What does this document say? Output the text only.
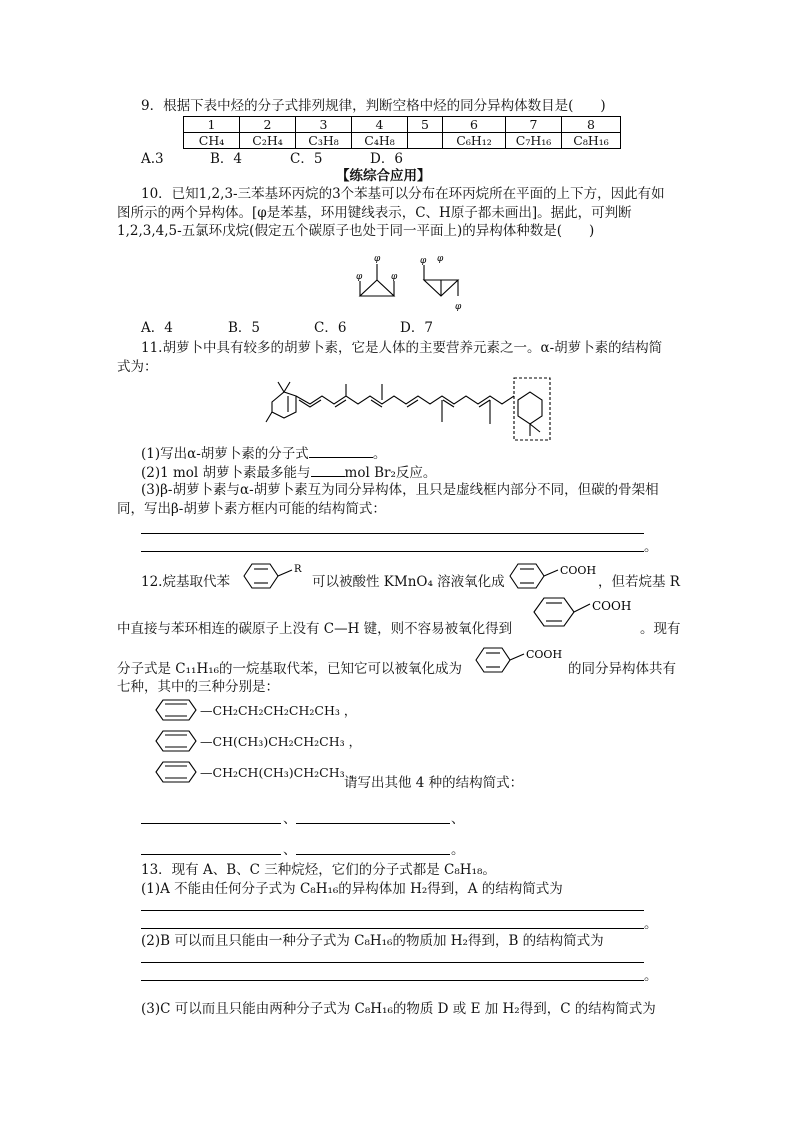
9．根据下表中烃的分子式排列规律，判断空格中烃的同分异构体数目是(　　)
1	2	3	4	5	6	7	8
CH₄	C₂H₄	C₃H₈	C₄H₈		C₆H₁₂	C₇H₁₆	C₈H₁₆
A.3	B．4	C．5	D．6
【练综合应用】
10．已知1,2,3-三苯基环丙烷的3个苯基可以分布在环丙烷所在平面的上下方，因此有如
图所示的两个异构体。[φ是苯基，环用键线表示，C、H原子都未画出]。据此，可判断
1,2,3,4,5-五氯环戊烷(假定五个碳原子也处于同一平面上)的异构体种数是(　　)
φ	φ
φ	φ φ
φ
A．4	B．5	C．6	D．7
11.胡萝卜中具有较多的胡萝卜素，它是人体的主要营养元素之一。α-胡萝卜素的结构简
式为：
(1)写出α-胡萝卜素的分子式	。
(2)1 mol 胡萝卜素最多能与	mol Br₂反应。
(3)β-胡萝卜素与α-胡萝卜素互为同分异构体，且只是虚线框内部分不同，但碳的骨架相
同，写出β-胡萝卜素方框内可能的结构简式：
。
12.烷基取代苯
R
可以被酸性 KMnO₄ 溶液氧化成
COOH
，但若烷基 R
中直接与苯环相连的碳原子上没有 C—H 键，则不容易被氧化得到
COOH
。现有
分子式是 C₁₁H₁₆的一烷基取代苯，已知它可以被氧化成为
COOH
的同分异构体共有
七种，其中的三种分别是：
—CH₂CH₂CH₂CH₂CH₃ ，
—CH(CH₃)CH₂CH₂CH₃ ，
—CH₂CH(CH₃)CH₂CH₃ ，
请写出其他 4 种的结构简式：
、	、
、	。
13．现有 A、B、C 三种烷烃，它们的分子式都是 C₈H₁₈。
(1)A 不能由任何分子式为 C₈H₁₆的异构体加 H₂得到，A 的结构简式为
。
(2)B 可以而且只能由一种分子式为 C₈H₁₆的物质加 H₂得到，B 的结构简式为
。
(3)C 可以而且只能由两种分子式为 C₈H₁₆的物质 D 或 E 加 H₂得到，C 的结构简式为
